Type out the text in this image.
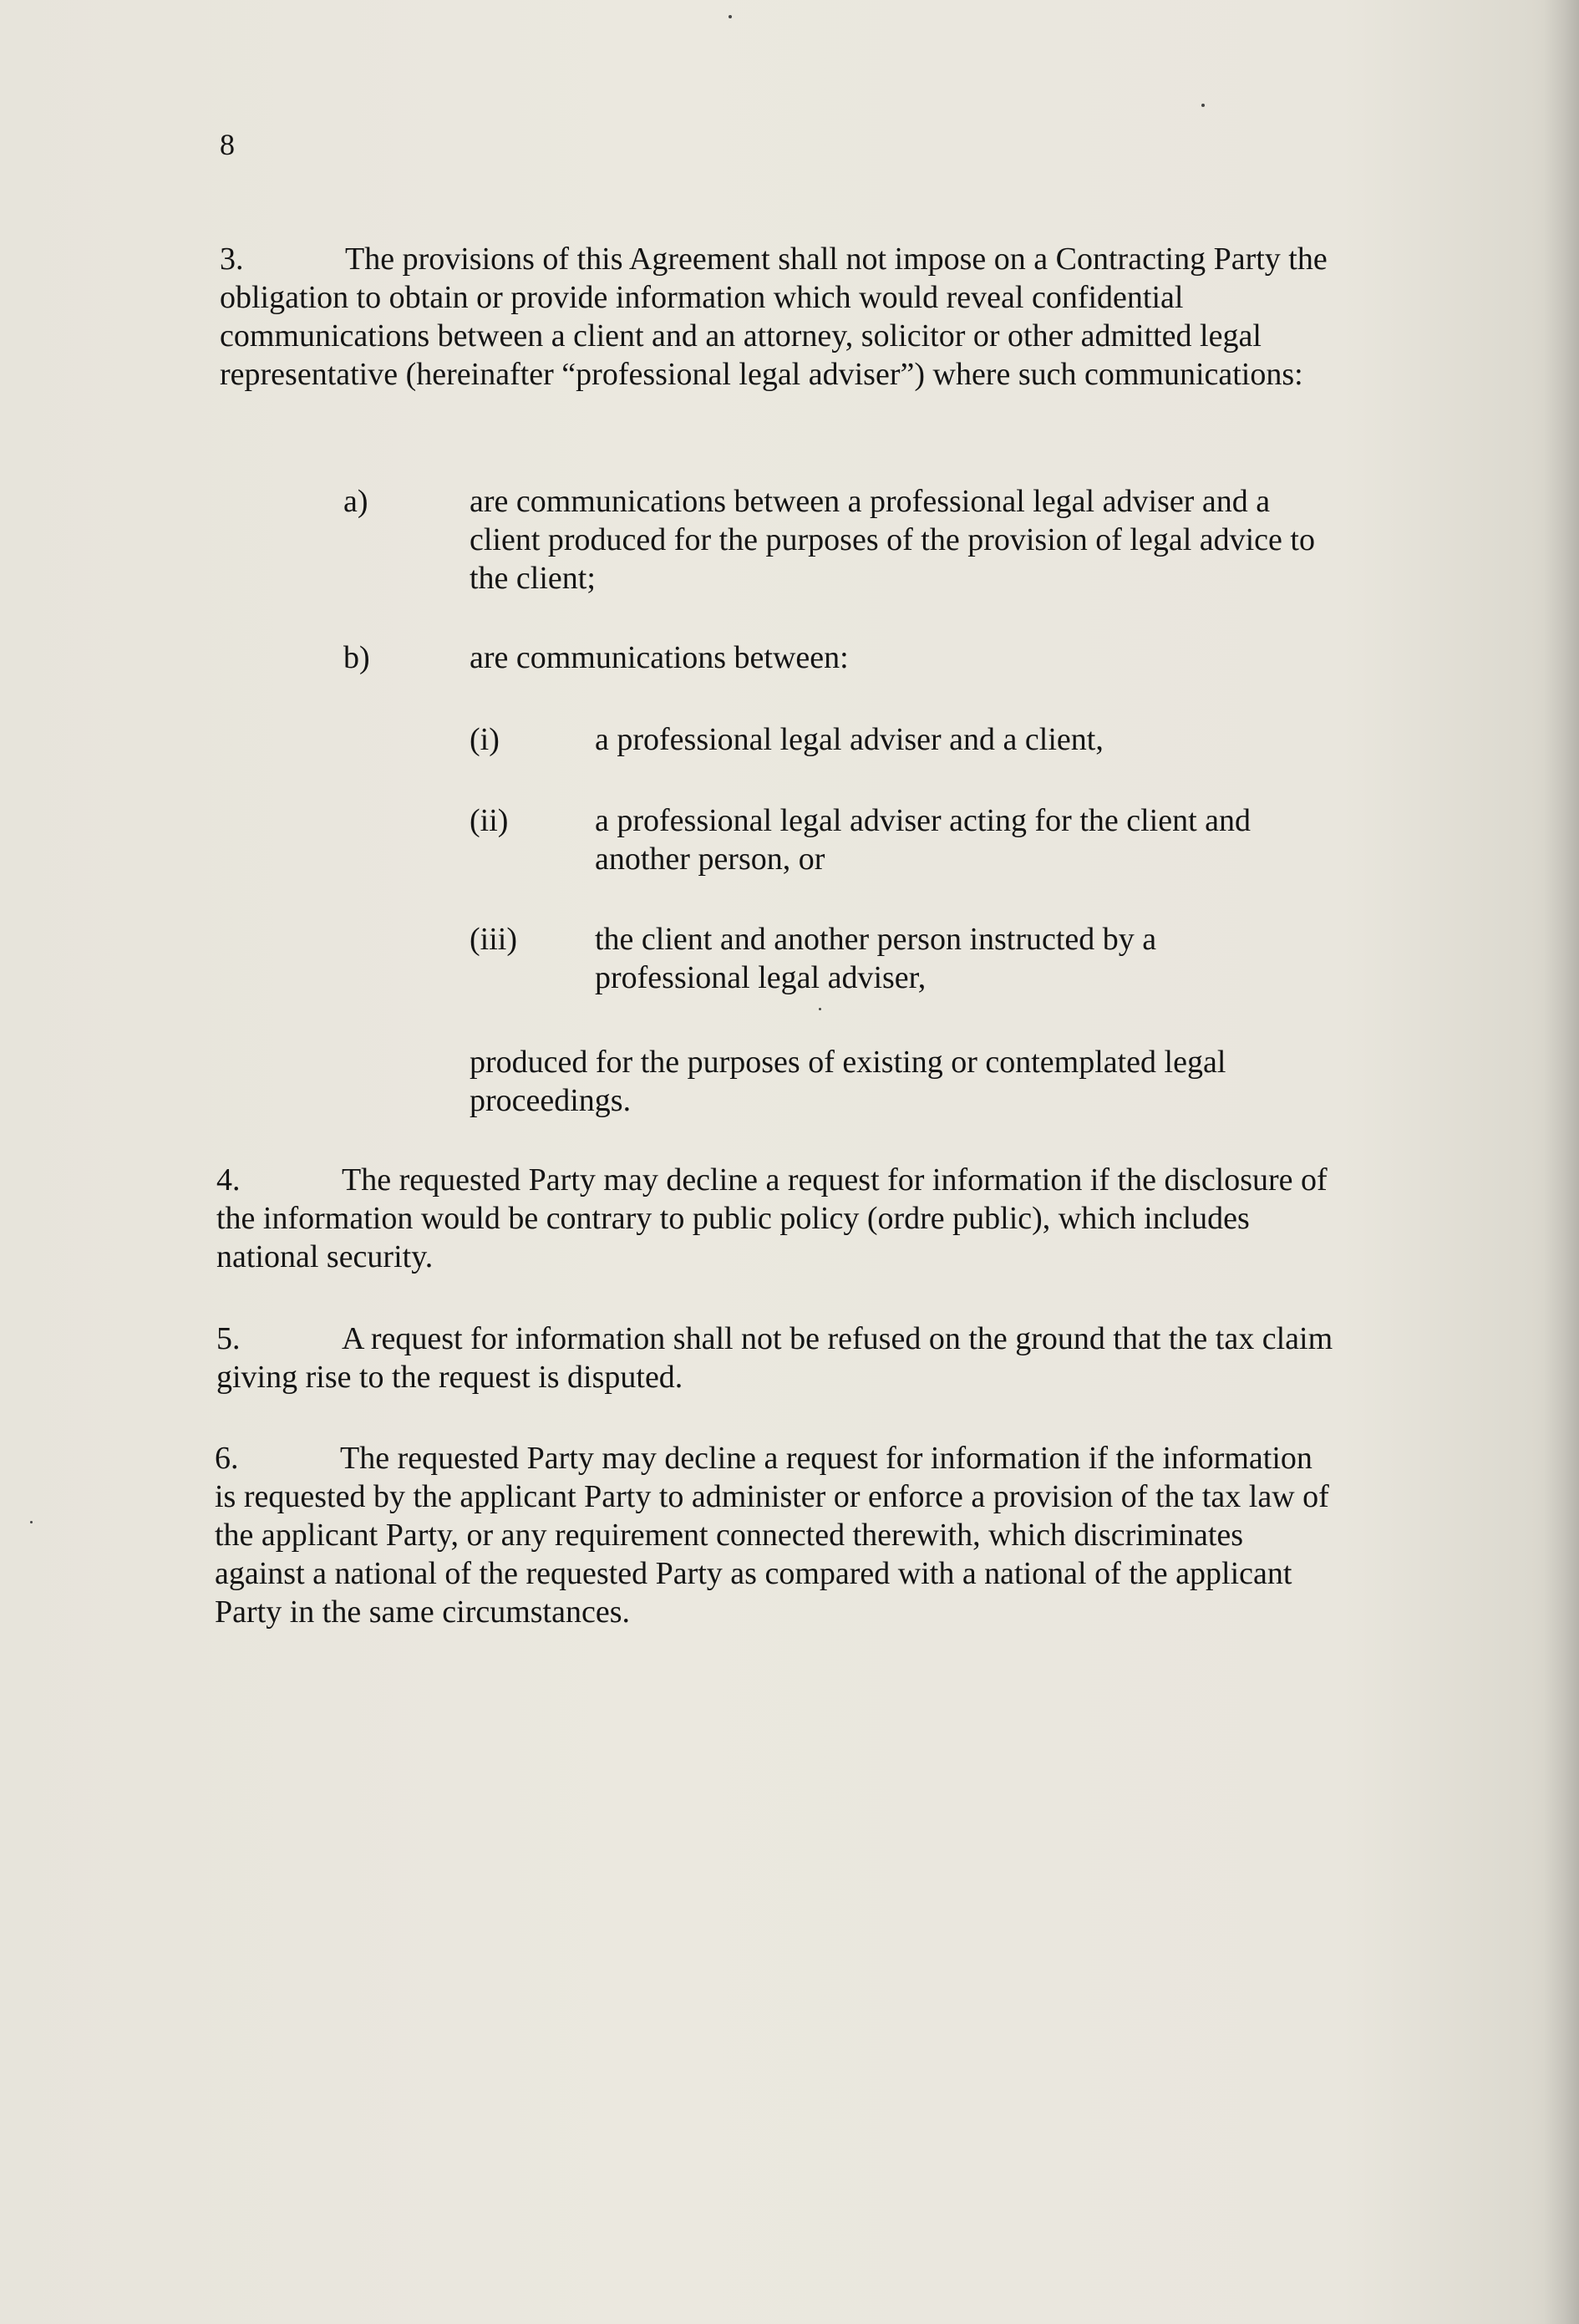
8
3.	The provisions of this Agreement shall not impose on a Contracting Party the obligation to obtain or provide information which would reveal confidential communications between a client and an attorney, solicitor or other admitted legal representative (hereinafter “professional legal adviser”) where such communications:
a)	are communications between a professional legal adviser and a client produced for the purposes of the provision of legal advice to the client;
b)	are communications between:
(i)	a professional legal adviser and a client,
(ii)	a professional legal adviser acting for the client and another person, or
(iii) the client and another person instructed by a professional legal adviser,
produced for the purposes of existing or contemplated legal proceedings.
4.	The requested Party may decline a request for information if the disclosure of the information would be contrary to public policy (ordre public), which includes national security.
5.	A request for information shall not be refused on the ground that the tax claim giving rise to the request is disputed.
6.	The requested Party may decline a request for information if the information is requested by the applicant Party to administer or enforce a provision of the tax law of the applicant Party, or any requirement connected therewith, which discriminates against a national of the requested Party as compared with a national of the applicant Party in the same circumstances.
